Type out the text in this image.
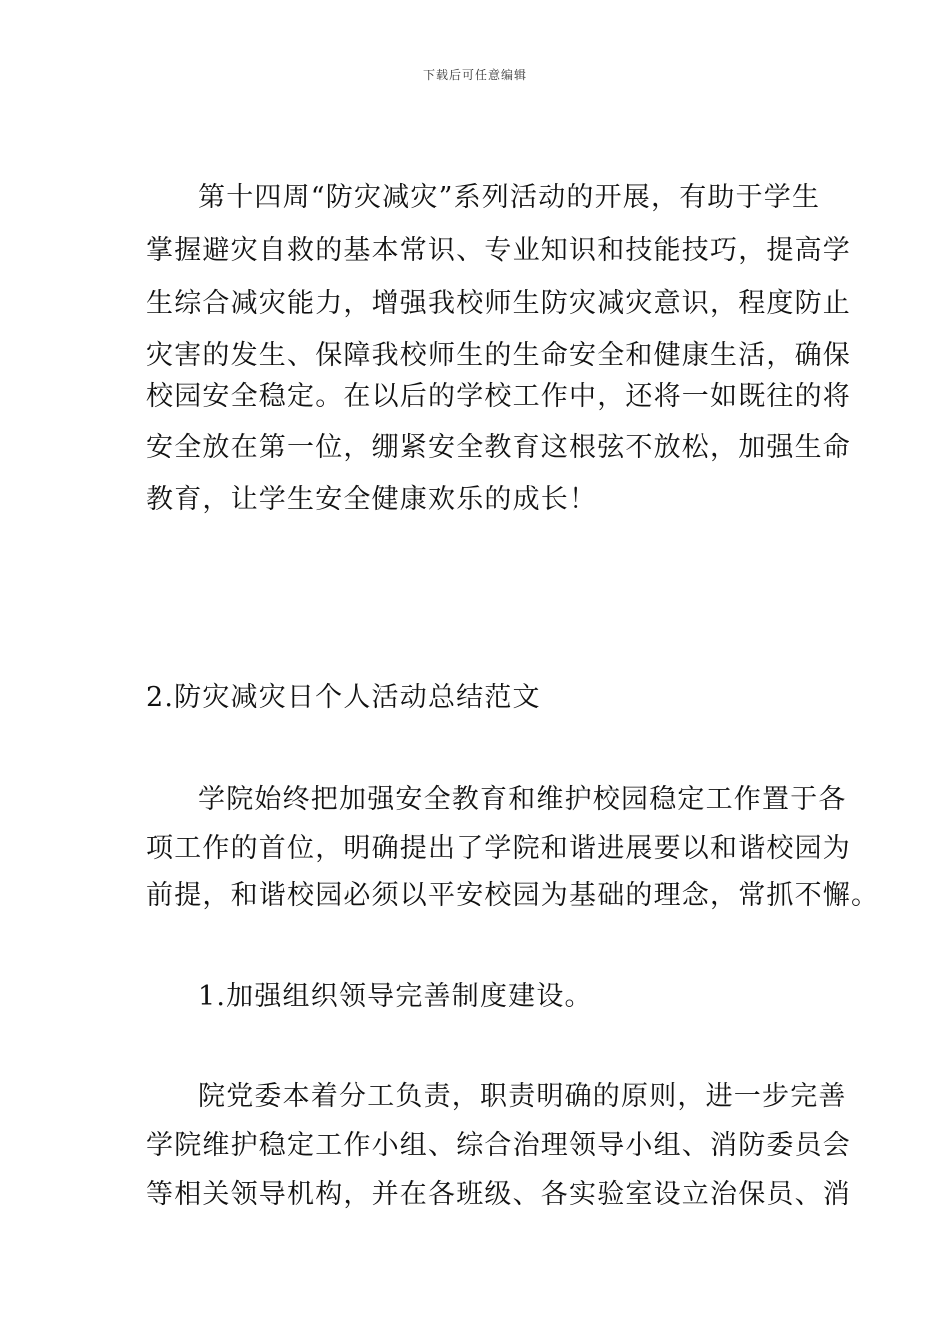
下载后可任意编辑
第十四周“防灾减灾”系列活动的开展，有助于学生
掌握避灾自救的基本常识、专业知识和技能技巧，提高学
生综合减灾能力，增强我校师生防灾减灾意识，程度防止
灾害的发生、保障我校师生的生命安全和健康生活，确保
校园安全稳定。在以后的学校工作中，还将一如既往的将
安全放在第一位，绷紧安全教育这根弦不放松，加强生命
教育，让学生安全健康欢乐的成长！
2.防灾减灾日个人活动总结范文
学院始终把加强安全教育和维护校园稳定工作置于各
项工作的首位，明确提出了学院和谐进展要以和谐校园为
前提，和谐校园必须以平安校园为基础的理念，常抓不懈。
1.加强组织领导完善制度建设。
院党委本着分工负责，职责明确的原则，进一步完善
学院维护稳定工作小组、综合治理领导小组、消防委员会
等相关领导机构，并在各班级、各实验室设立治保员、消
